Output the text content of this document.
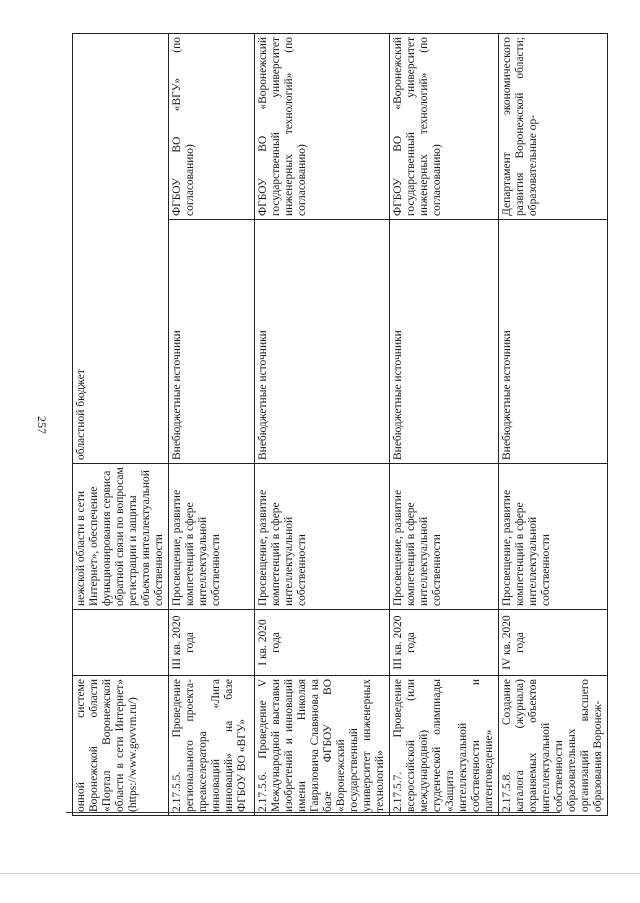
257
онной системе Воронежской области «Портал Воронежской области в сети Интернет» (https://www.govvrn.ru/)		нежской области в сети Интернет», обеспечение функционирования сервиса обратной связи по вопросам регистрации и защиты объектов интеллектуальной собственности	областной бюджет	
2.17.5.5. Проведение регионального проекта-преакселератора инноваций «Лига инноваций» на базе ФГБОУ ВО «ВГУ»	III кв. 2020 года	Просвещение, развитие компетенций в сфере интеллектуальной собственности	Внебюджетные источники	ФГБОУ ВО «ВГУ» (по согласованию)
2.17.5.6. Проведение V Международной выставки изобретений и инноваций имени Николая Гавриловича Славянова на базе ФГБОУ ВО «Воронежский государственный университет инженерных технологий»	I кв. 2020 года	Просвещение, развитие компетенций в сфере интеллектуальной собственности	Внебюджетные источники	ФГБОУ ВО «Воронежский государственный университет инженерных технологий» (по согласованию)
2.17.5.7. Проведение всероссийской (или международной) студенческой олимпиады «Защита интеллектуальной собственности и патентоведение»	III кв. 2020 года	Просвещение, развитие компетенций в сфере интеллектуальной собственности	Внебюджетные источники	ФГБОУ ВО «Воронежский государственный университет инженерных технологий» (по согласованию)
2.17.5.8. Создание каталога (журнала) охраняемых объектов интеллектуальной собственности образовательных организаций высшего образования Воронеж-	IV кв. 2020 года	Просвещение, развитие компетенций в сфере интеллектуальной собственности	Внебюджетные источники	Департамент экономического развития Воронежской области; образовательные ор-
